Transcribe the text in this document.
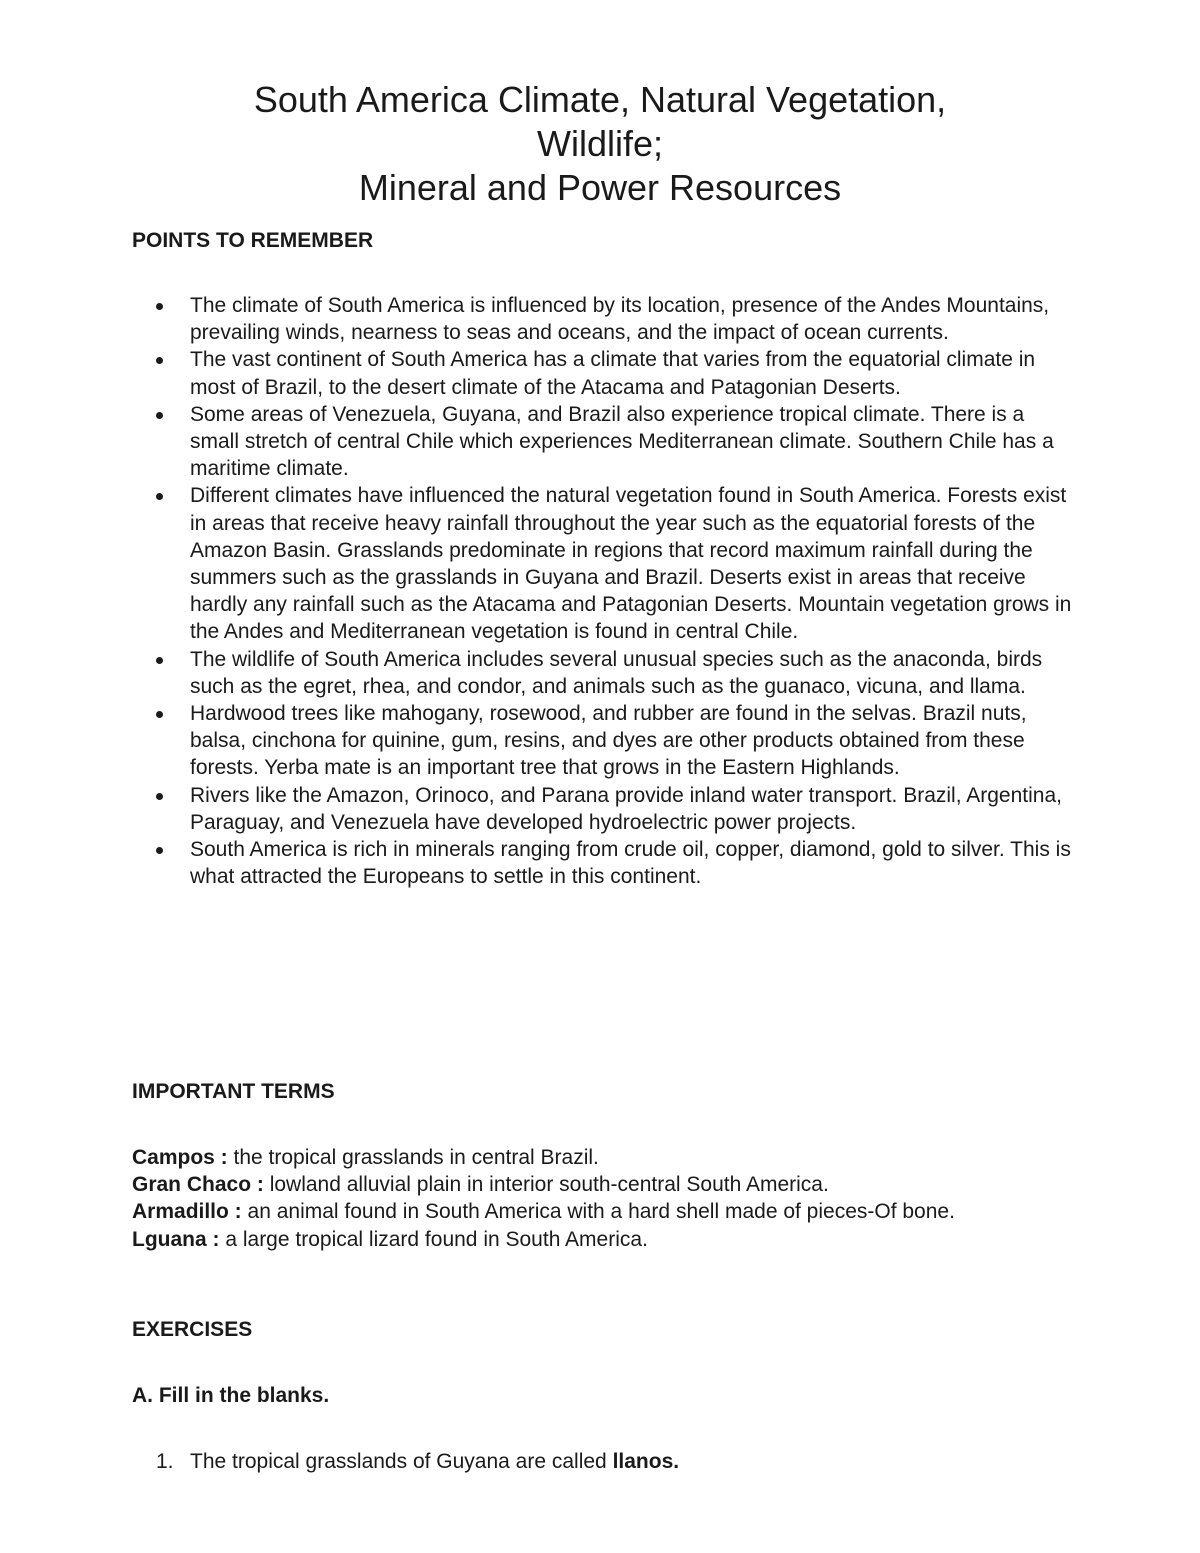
South America Climate, Natural Vegetation,
Wildlife;
Mineral and Power Resources
POINTS TO REMEMBER
The climate of South America is influenced by its location, presence of the Andes Mountains, prevailing winds, nearness to seas and oceans, and the impact of ocean currents.
The vast continent of South America has a climate that varies from the equatorial climate in most of Brazil, to the desert climate of the Atacama and Patagonian Deserts.
Some areas of Venezuela, Guyana, and Brazil also experience tropical climate. There is a small stretch of central Chile which experiences Mediterranean climate. Southern Chile has a maritime climate.
Different climates have influenced the natural vegetation found in South America. Forests exist in areas that receive heavy rainfall throughout the year such as the equatorial forests of the Amazon Basin. Grasslands predominate in regions that record maximum rainfall during the summers such as the grasslands in Guyana and Brazil. Deserts exist in areas that receive hardly any rainfall such as the Atacama and Patagonian Deserts. Mountain vegetation grows in the Andes and Mediterranean vegetation is found in central Chile.
The wildlife of South America includes several unusual species such as the anaconda, birds such as the egret, rhea, and condor, and animals such as the guanaco, vicuna, and llama.
Hardwood trees like mahogany, rosewood, and rubber are found in the selvas. Brazil nuts, balsa, cinchona for quinine, gum, resins, and dyes are other products obtained from these forests. Yerba mate is an important tree that grows in the Eastern Highlands.
Rivers like the Amazon, Orinoco, and Parana provide inland water transport. Brazil, Argentina, Paraguay, and Venezuela have developed hydroelectric power projects.
South America is rich in minerals ranging from crude oil, copper, diamond, gold to silver. This is what attracted the Europeans to settle in this continent.
IMPORTANT TERMS

Campos : the tropical grasslands in central Brazil.

Gran Chaco : lowland alluvial plain in interior south-central South America.

Armadillo : an animal found in South America with a hard shell made of pieces-Of bone.

Lguana : a large tropical lizard found in South America.

EXERCISES
A. Fill in the blanks.
1. The tropical grasslands of Guyana are called llanos.
